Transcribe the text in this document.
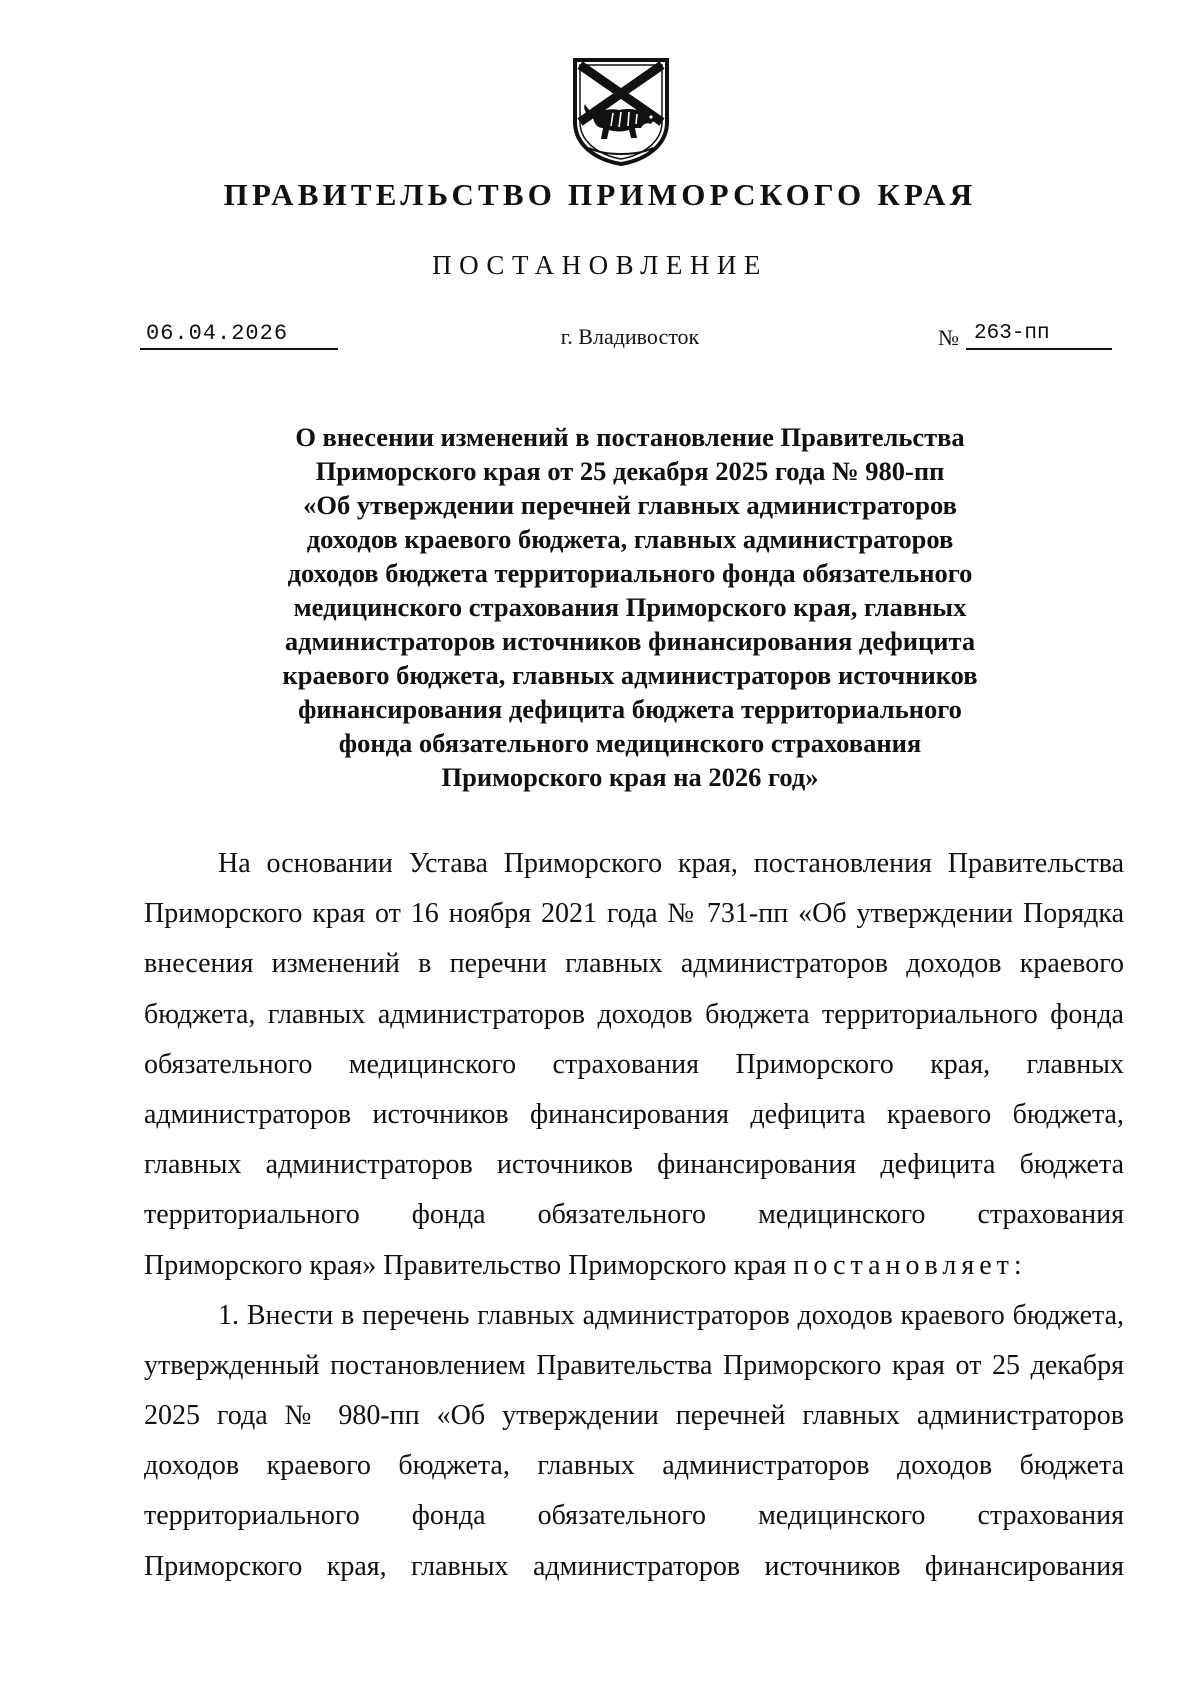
ПРАВИТЕЛЬСТВО ПРИМОРСКОГО КРАЯ
ПОСТАНОВЛЕНИЕ
06.04.2026	г. Владивосток	№ 263-пп
О внесении изменений в постановление Правительства
Приморского края от 25 декабря 2025 года № 980-пп
«Об утверждении перечней главных администраторов
доходов краевого бюджета, главных администраторов
доходов бюджета территориального фонда обязательного
медицинского страхования Приморского края, главных
администраторов источников финансирования дефицита
краевого бюджета, главных администраторов источников
финансирования дефицита бюджета территориального
фонда обязательного медицинского страхования
Приморского края на 2026 год»
На основании Устава Приморского края, постановления Правительства
Приморского края от 16 ноября 2021 года № 731-пп «Об утверждении Порядка
внесения изменений в перечни главных администраторов доходов краевого
бюджета, главных администраторов доходов бюджета территориального фонда
обязательного медицинского страхования Приморского края, главных
администраторов источников финансирования дефицита краевого бюджета,
главных администраторов источников финансирования дефицита бюджета
территориального фонда обязательного медицинского страхования
Приморского края» Правительство Приморского края постановляет:
1. Внести в перечень главных администраторов доходов краевого бюджета,
утвержденный постановлением Правительства Приморского края от 25 декабря
2025 года № 980-пп «Об утверждении перечней главных администраторов
доходов краевого бюджета, главных администраторов доходов бюджета
территориального фонда обязательного медицинского страхования
Приморского края, главных администраторов источников финансирования
